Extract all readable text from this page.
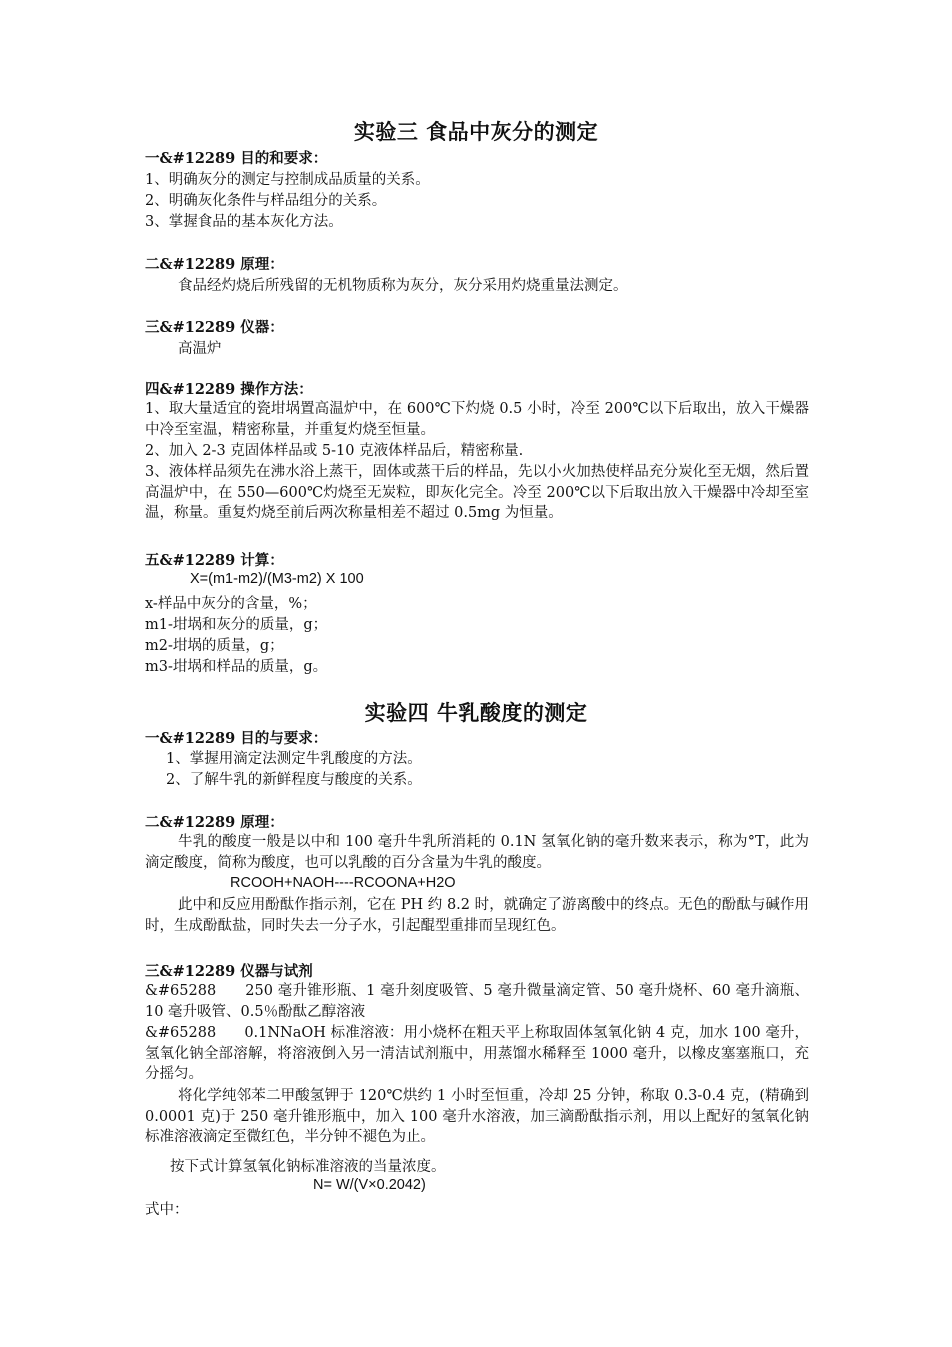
实验三 食品中灰分的测定
一&#12289 目的和要求：
1、明确灰分的测定与控制成品质量的关系。
2、明确灰化条件与样品组分的关系。
3、掌握食品的基本灰化方法。
二&#12289 原理：
食品经灼烧后所残留的无机物质称为灰分，灰分采用灼烧重量法测定。
三&#12289 仪器：
高温炉
四&#12289 操作方法：
1、取大量适宜的瓷坩埚置高温炉中，在 600℃下灼烧 0.5 小时，冷至 200℃以下后取出，放入干燥器中冷至室温，精密称量，并重复灼烧至恒量。
2、加入 2-3 克固体样品或 5-10 克液体样品后，精密称量.
3、液体样品须先在沸水浴上蒸干，固体或蒸干后的样品，先以小火加热使样品充分炭化至无烟，然后置高温炉中，在 550—600℃灼烧至无炭粒，即灰化完全。冷至 200℃以下后取出放入干燥器中冷却至室温，称量。重复灼烧至前后两次称量相差不超过 0.5mg 为恒量。
五&#12289 计算：
X=(m1-m2)/(M3-m2) X 100
x-样品中灰分的含量，%；
m1-坩埚和灰分的质量，g；
m2-坩埚的质量，g；
m3-坩埚和样品的质量，g。
实验四 牛乳酸度的测定
一&#12289 目的与要求：
1、掌握用滴定法测定牛乳酸度的方法。
2、了解牛乳的新鲜程度与酸度的关系。
二&#12289 原理：
牛乳的酸度一般是以中和 100 毫升牛乳所消耗的 0.1N 氢氧化钠的毫升数来表示，称为°T，此为滴定酸度，简称为酸度，也可以乳酸的百分含量为牛乳的酸度。
RCOOH+NAOH----RCOONA+H2O
此中和反应用酚酞作指示剂，它在 PH 约 8.2 时，就确定了游离酸中的终点。无色的酚酞与碱作用时，生成酚酞盐，同时失去一分子水，引起醌型重排而呈现红色。
三&#12289 仪器与试剂
&#65288      250 毫升锥形瓶、1 毫升刻度吸管、5 毫升微量滴定管、50 毫升烧杯、60 毫升滴瓶、10 毫升吸管、0.5％酚酞乙醇溶液
&#65288      0.1NNaOH 标准溶液：用小烧杯在粗天平上称取固体氢氧化钠 4 克，加水 100 毫升，氢氧化钠全部溶解，将溶液倒入另一清洁试剂瓶中，用蒸馏水稀释至 1000 毫升，以橡皮塞塞瓶口，充分摇匀。
将化学纯邻苯二甲酸氢钾于 120℃烘约 1 小时至恒重，冷却 25 分钟，称取 0.3-0.4 克，(精确到 0.0001 克)于 250 毫升锥形瓶中，加入 100 毫升水溶液，加三滴酚酞指示剂，用以上配好的氢氧化钠标准溶液滴定至微红色，半分钟不褪色为止。
按下式计算氢氧化钠标准溶液的当量浓度。
N= W/(V×0.2042)
式中：
